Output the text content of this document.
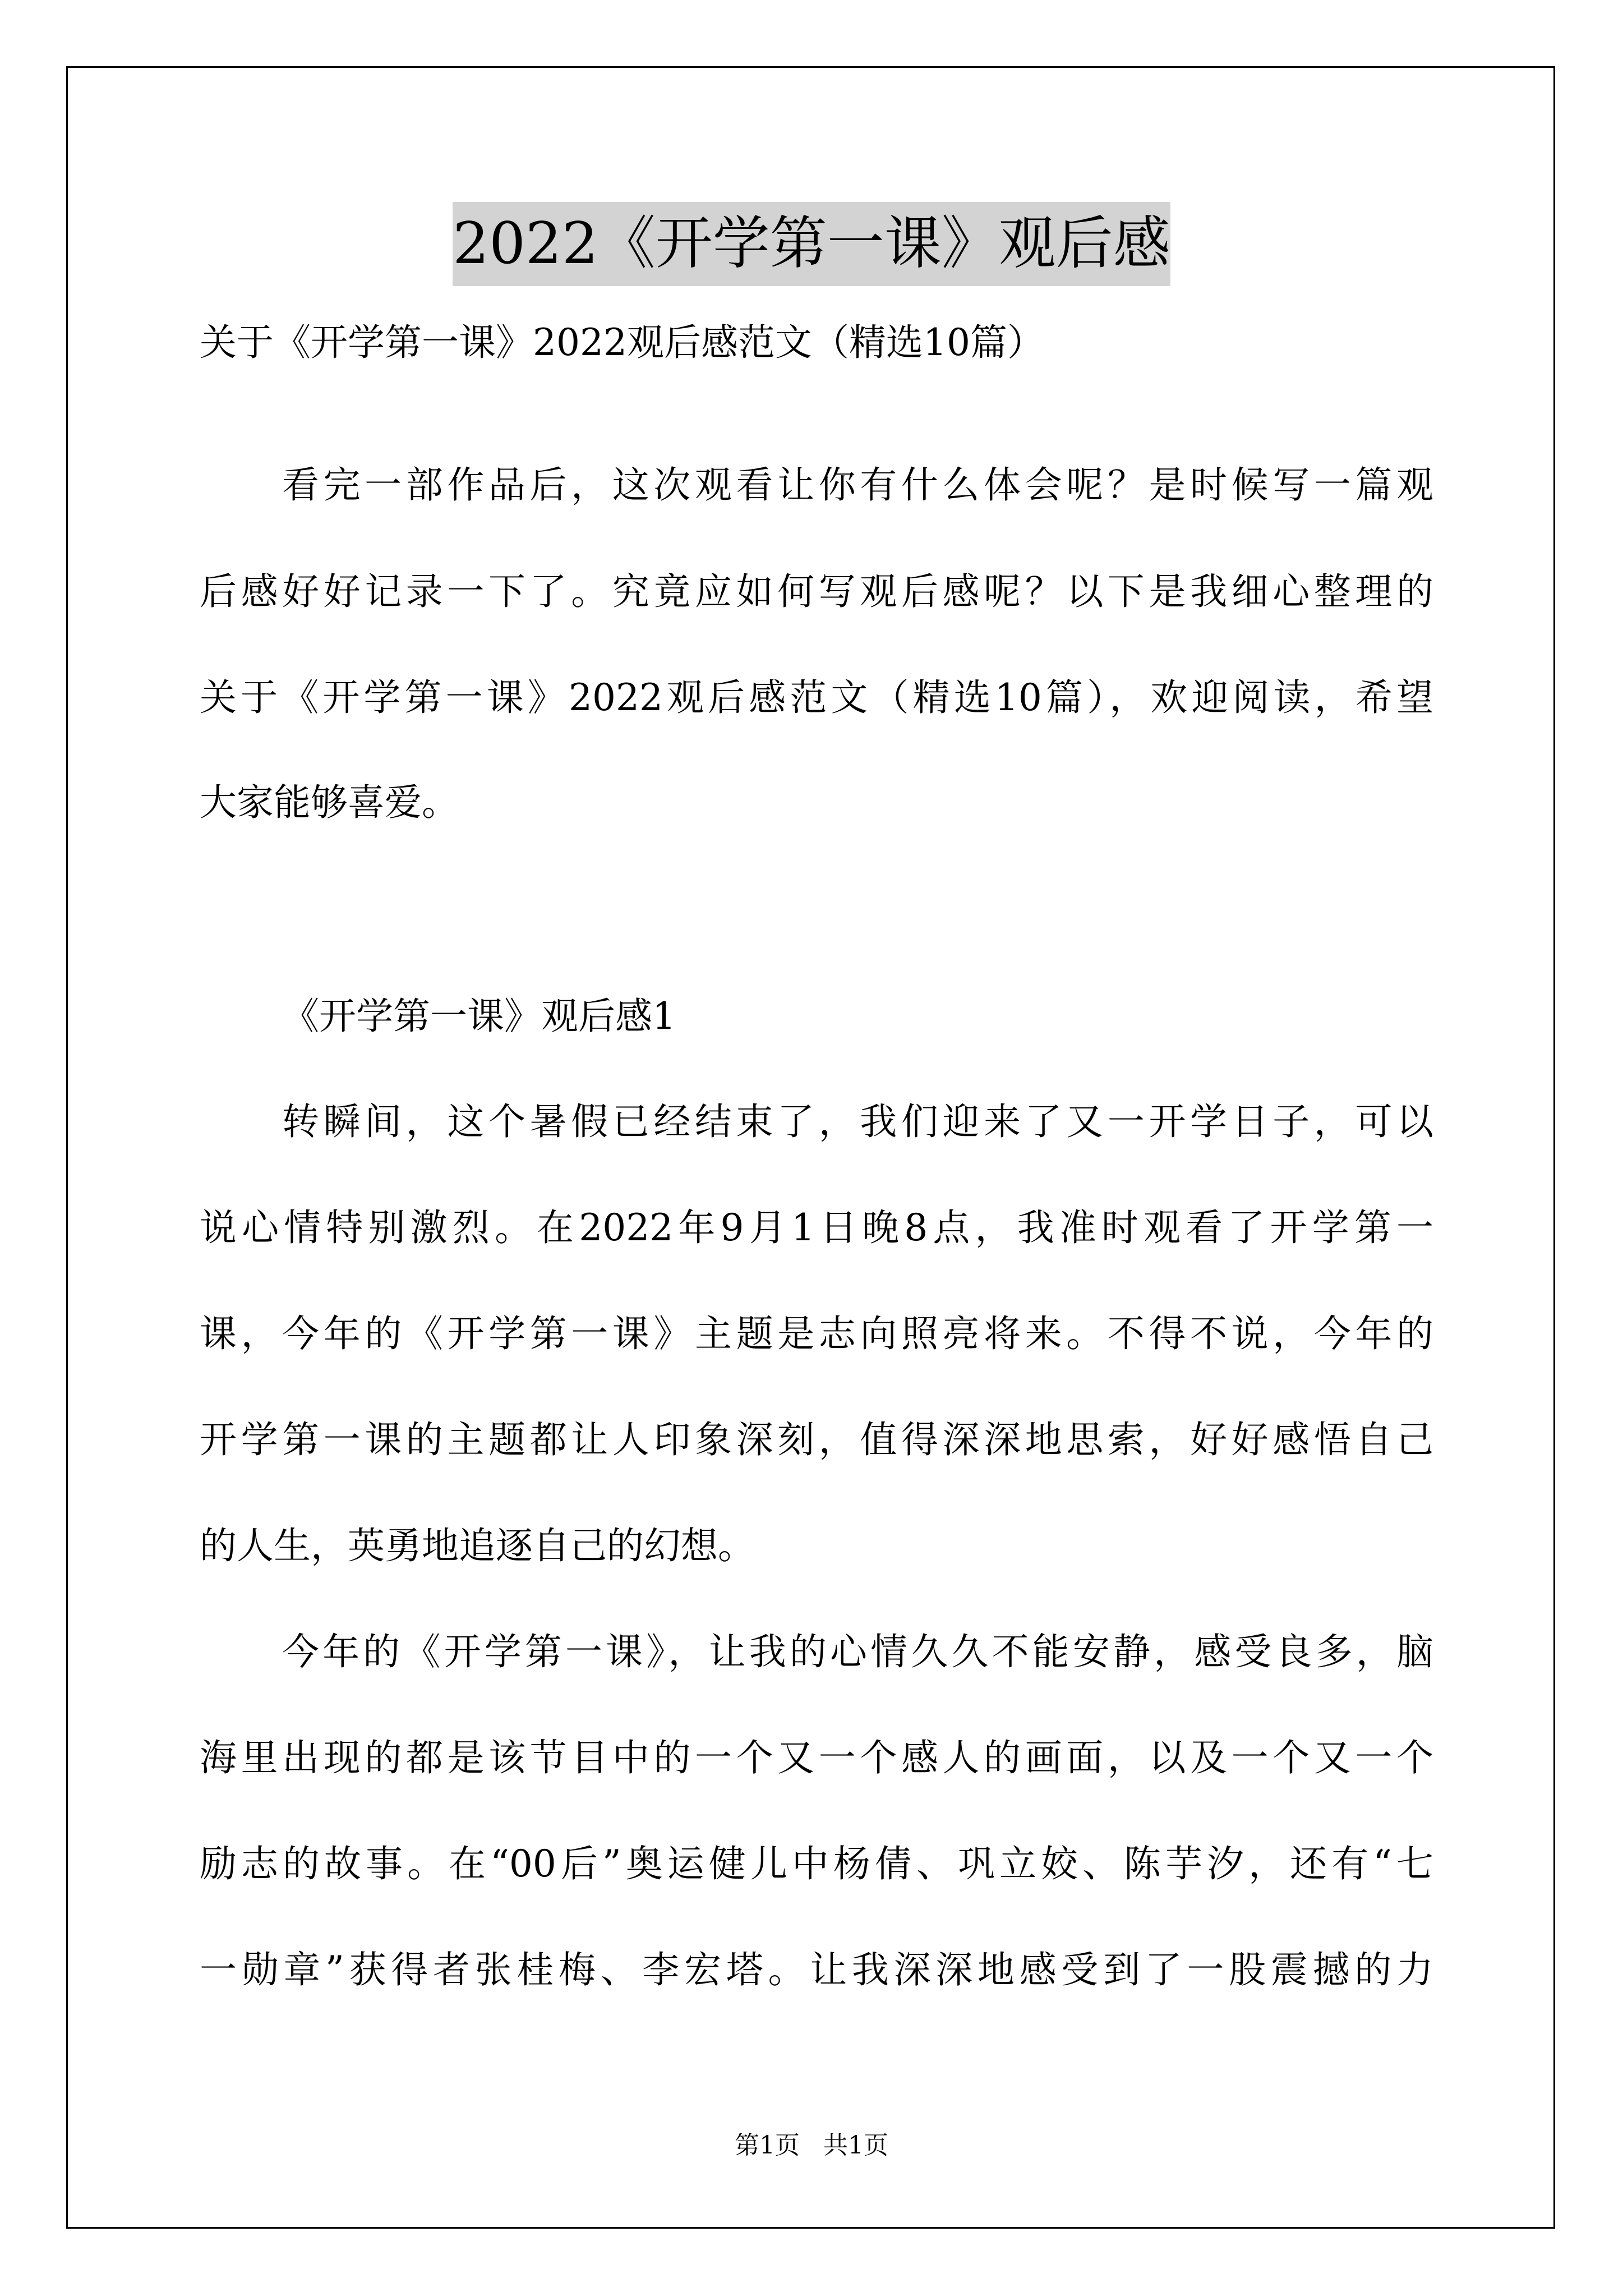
2022《开学第一课》观后感
关于《开学第一课》2022观后感范文（精选10篇）
看完一部作品后，这次观看让你有什么体会呢？是时候写一篇观
后感好好记录一下了。究竟应如何写观后感呢？以下是我细心整理的
关于《开学第一课》2022观后感范文（精选10篇），欢迎阅读，希望
大家能够喜爱。
《开学第一课》观后感1
转瞬间，这个暑假已经结束了，我们迎来了又一开学日子，可以
说心情特别激烈。在2022年9月1日晚8点，我准时观看了开学第一
课，今年的《开学第一课》主题是志向照亮将来。不得不说，今年的
开学第一课的主题都让人印象深刻，值得深深地思索，好好感悟自己
的人生，英勇地追逐自己的幻想。
今年的《开学第一课》，让我的心情久久不能安静，感受良多，脑
海里出现的都是该节目中的一个又一个感人的画面，以及一个又一个
励志的故事。在“00后”奥运健儿中杨倩、巩立姣、陈芋汐，还有“七
一勋章”获得者张桂梅、李宏塔。让我深深地感受到了一股震撼的力
第1页   共1页
